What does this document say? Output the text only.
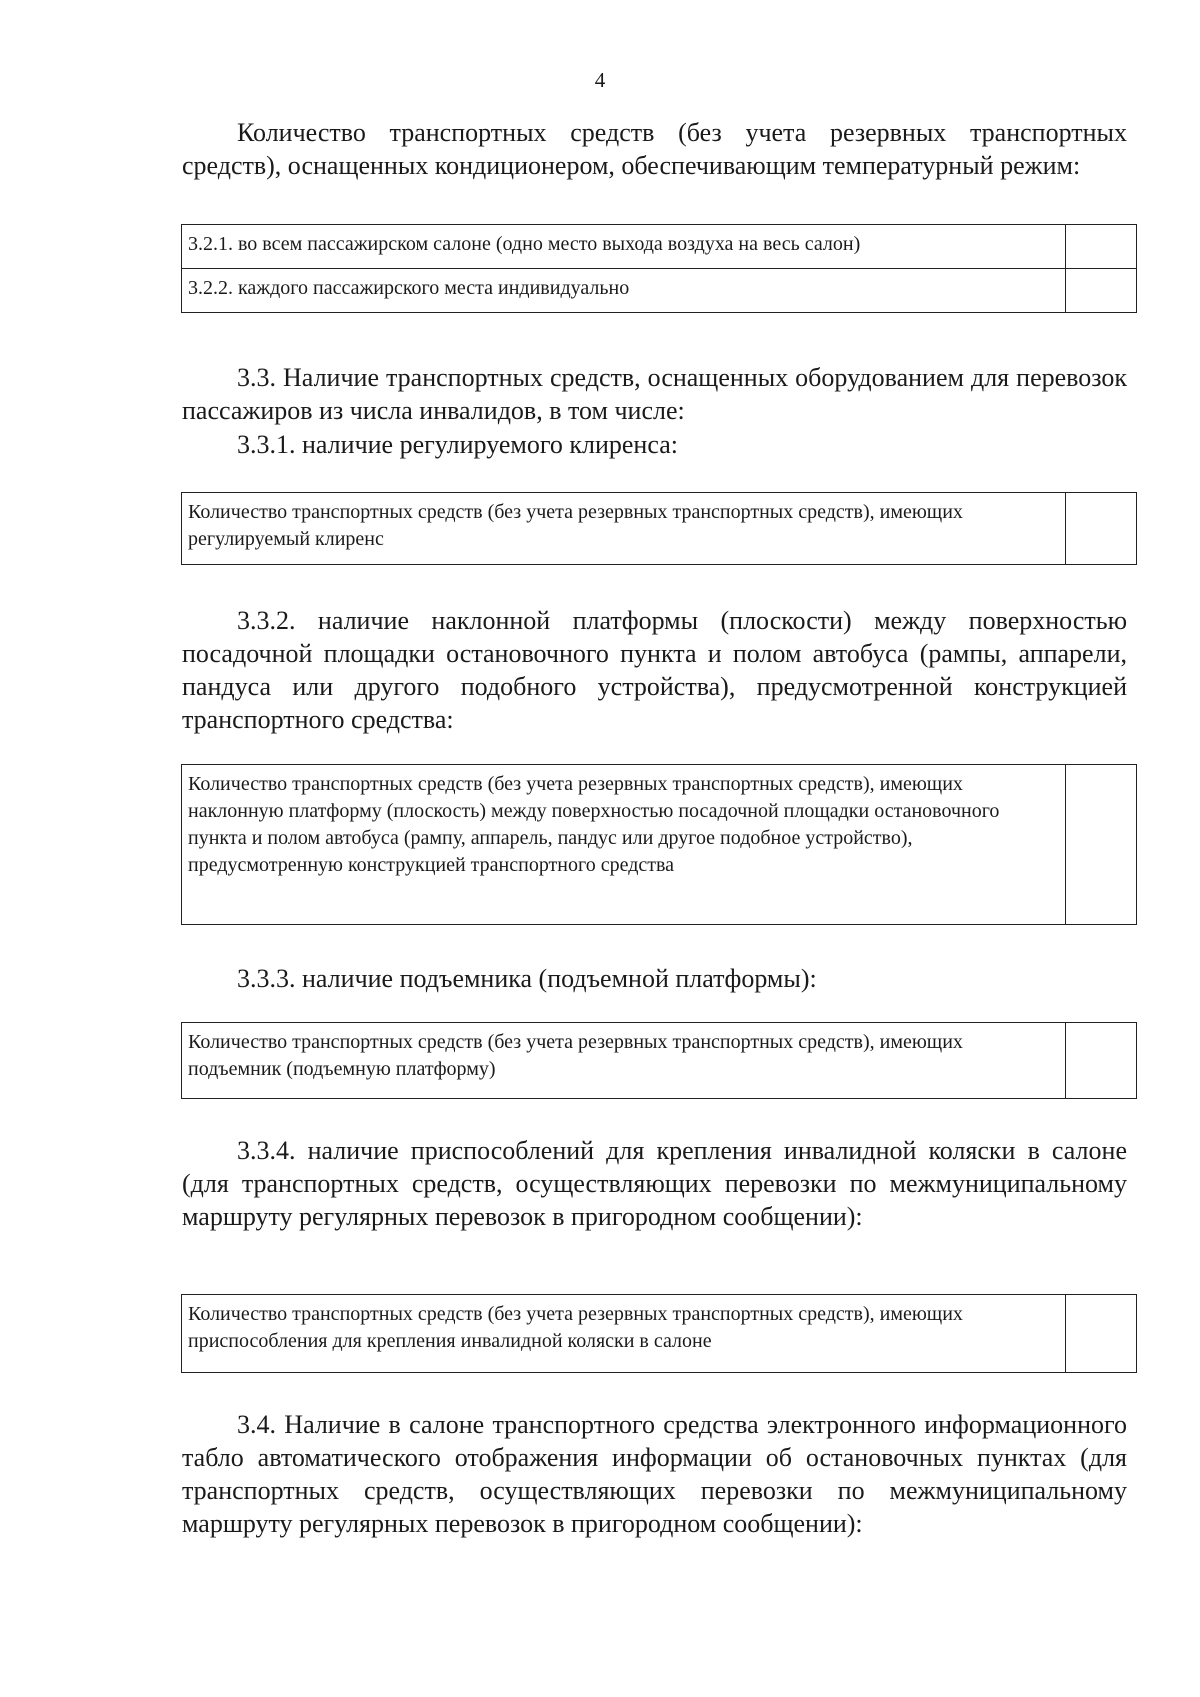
4

Количество транспортных средств (без учета резервных транспортных средств), оснащенных кондиционером, обеспечивающим температурный режим:

3.2.1. во всем пассажирском салоне (одно место выхода воздуха на весь салон)	

3.2.2. каждого пассажирского места индивидуально	

3.3. Наличие транспортных средств, оснащенных оборудованием для перевозок пассажиров из числа инвалидов, в том числе:

3.3.1. наличие регулируемого клиренса:

Количество транспортных средств (без учета резервных транспортных средств), имеющих регулируемый клиренс

3.3.2. наличие наклонной платформы (плоскости) между поверхностью посадочной площадки остановочного пункта и полом автобуса (рампы, аппарели, пандуса или другого подобного устройства), предусмотренной конструкцией транспортного средства:

Количество транспортных средств (без учета резервных транспортных средств), имеющих наклонную платформу (плоскость) между поверхностью посадочной площадки остановочного пункта и полом автобуса (рампу, аппарель, пандус или другое подобное устройство), предусмотренную конструкцией транспортного средства

3.3.3. наличие подъемника (подъемной платформы):

Количество транспортных средств (без учета резервных транспортных средств), имеющих подъемник (подъемную платформу)

3.3.4. наличие приспособлений для крепления инвалидной коляски в салоне (для транспортных средств, осуществляющих перевозки по межмуниципальному маршруту регулярных перевозок в пригородном сообщении):

Количество транспортных средств (без учета резервных транспортных средств), имеющих приспособления для крепления инвалидной коляски в салоне

3.4. Наличие в салоне транспортного средства электронного информационного табло автоматического отображения информации об остановочных пунктах (для транспортных средств, осуществляющих перевозки по межмуниципальному маршруту регулярных перевозок в пригородном сообщении):
